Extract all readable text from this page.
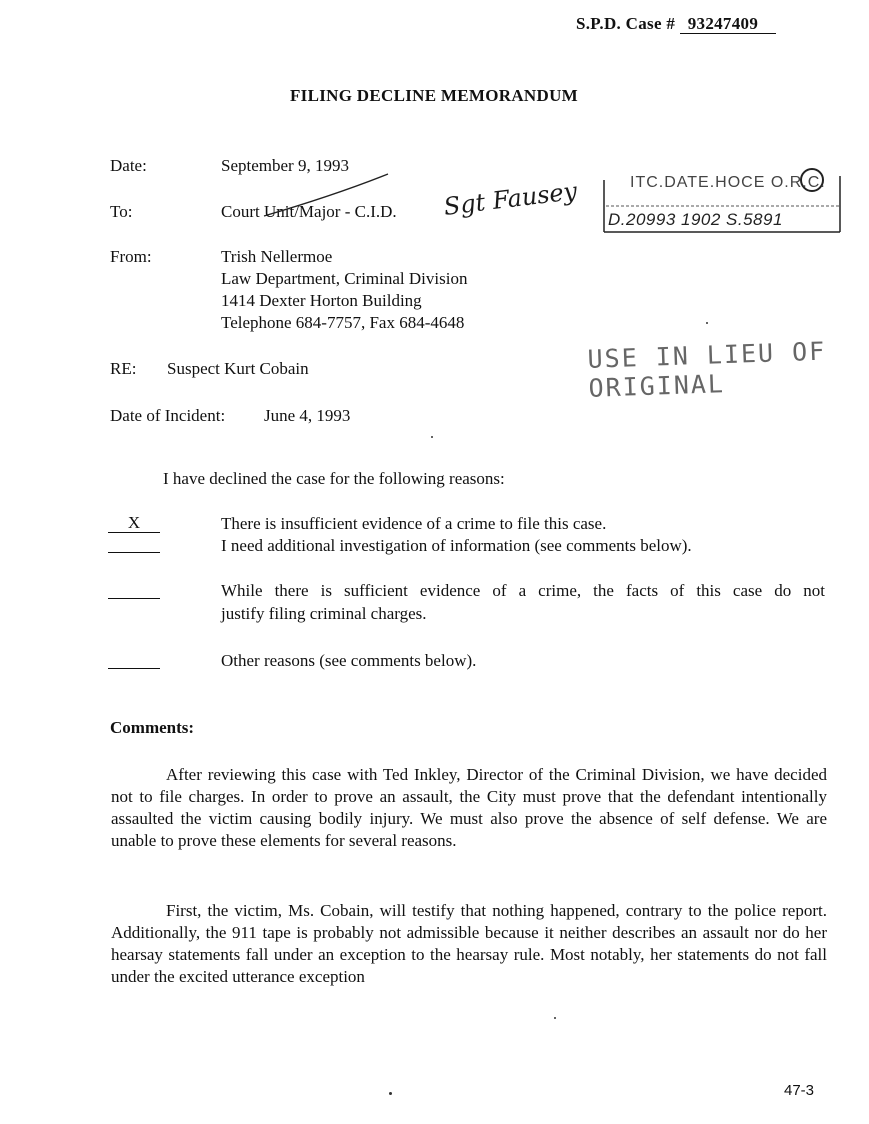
S.P.D. Case # 93247409
FILING DECLINE MEMORANDUM
Date:	September 9, 1993
To:	Court Unit/Major - C.I.D. Sgt Fausey	ITC.DATE.HOCE O.R.C.
D.20993 1902 S.5891
From:	Trish Nellermoe
Law Department, Criminal Division
1414 Dexter Horton Building
Telephone 684-7757, Fax 684-4648
RE: Suspect Kurt Cobain	USE IN LIEU OF ORIGINAL
Date of Incident: June 4, 1993
I have declined the case for the following reasons:
X	There is insufficient evidence of a crime to file this case.
I need additional investigation of information (see comments below).
While there is sufficient evidence of a crime, the facts of this case do not
justify filing criminal charges.
Other reasons (see comments below).
Comments:

After reviewing this case with Ted Inkley, Director of the Criminal Division, we have decided not to file charges. In order to prove an assault, the City must prove that the defendant intentionally assaulted the victim causing bodily injury. We must also prove the absence of self defense. We are unable to prove these elements for several reasons.

First, the victim, Ms. Cobain, will testify that nothing happened, contrary to the police report. Additionally, the 911 tape is probably not admissible because it neither describes an assault nor do her hearsay statements fall under an exception to the hearsay rule. Most notably, her statements do not fall under the excited utterance exception

47-3
